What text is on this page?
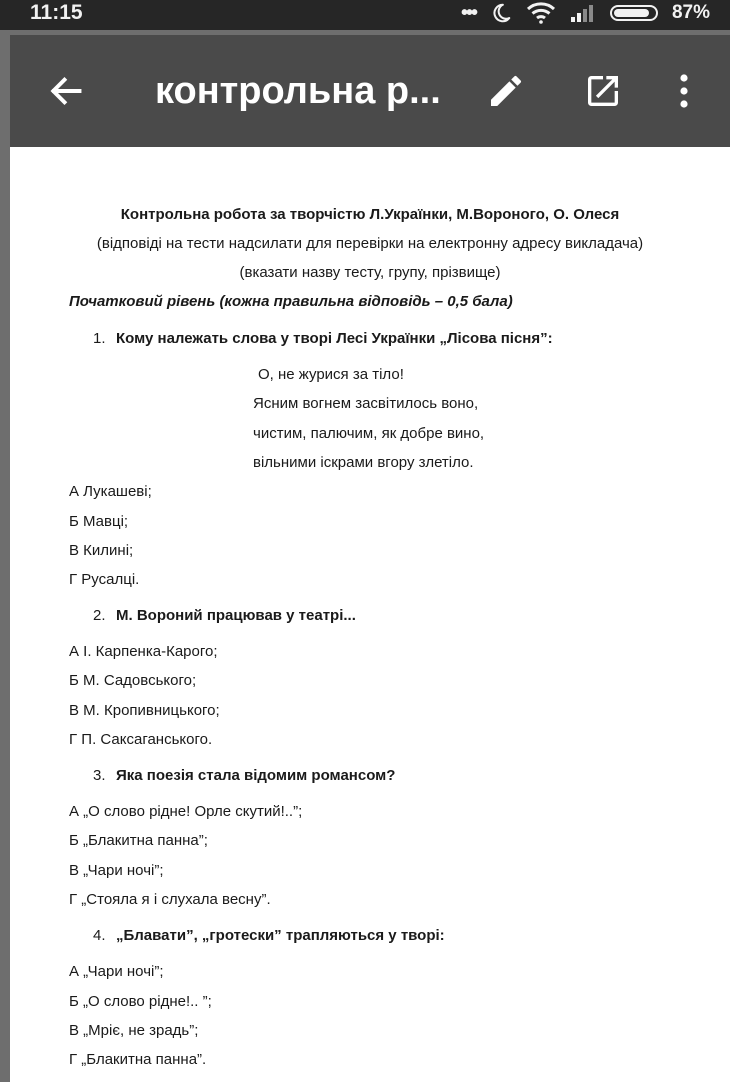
11:15	•••	87%
контрольна р...
Контрольна робота за творчістю Л.Українки, М.Вороного, О. Олеся
(відповіді на тести надсилати для перевірки на електронну адресу викладача)
(вказати назву тесту, групу, прізвище)
Початковий рівень (кожна правильна відповідь – 0,5 бала)
1. Кому належать слова у творі Лесі Українки „Лісова пісня”:
О, не журися за тіло!
Ясним вогнем засвітилось воно,
чистим, палючим, як добре вино,
вільними іскрами вгору злетіло.
А Лукашеві;
Б Мавці;
В Килині;
Г Русалці.
2. М. Вороний працював у театрі...
А І. Карпенка-Карого;
Б М. Садовського;
В М. Кропивницького;
Г П. Саксаганського.
3. Яка поезія стала відомим романсом?
А „О слово рідне! Орле скутий!..”;
Б „Блакитна панна”;
В „Чари ночі”;
Г „Стояла я і слухала весну”.
4. „Блавати”, „гротески” трапляються у творі:
А „Чари ночі”;
Б „О слово рідне!.. ”;
В „Мріє, не зрадь”;
Г „Блакитна панна”.
